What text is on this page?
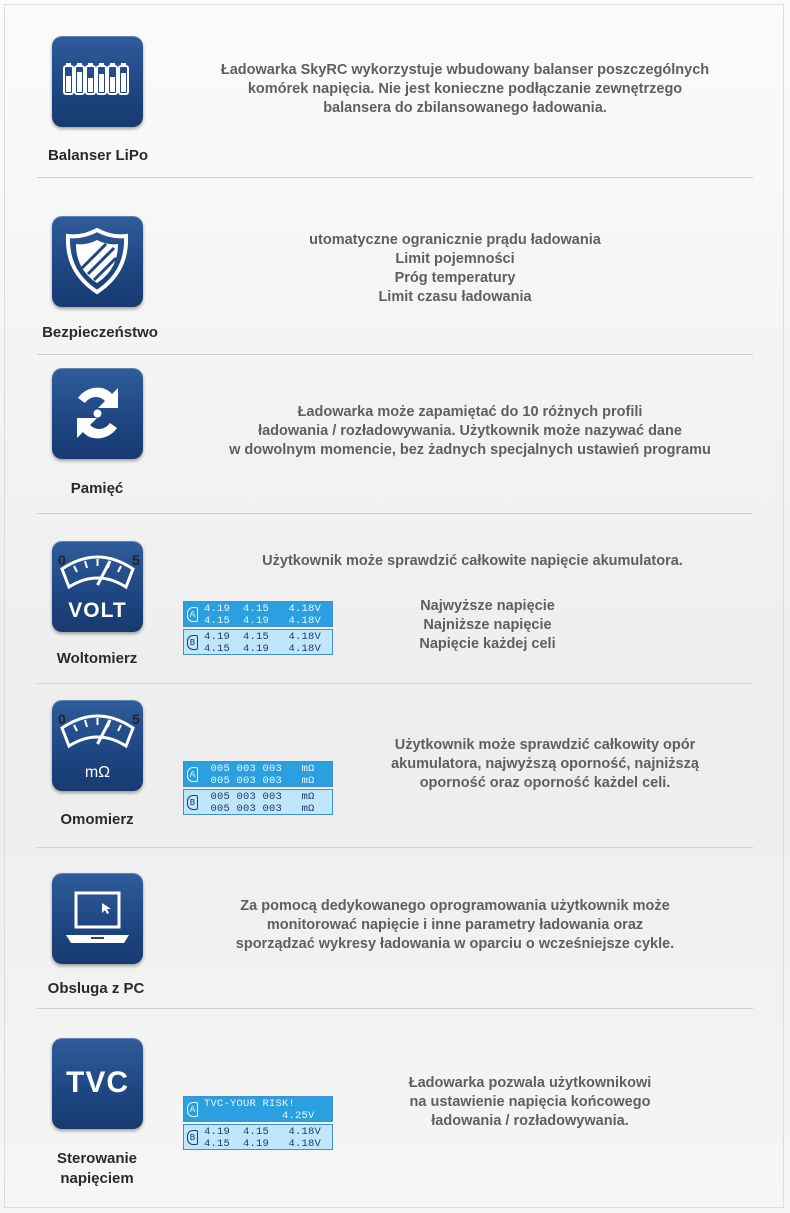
Balanser LiPo
Ładowarka SkyRC wykorzystuje wbudowany balanser poszczególnych
komórek napięcia. Nie jest konieczne podłączanie zewnętrzego
balansera do zbilansowanego ładowania.
Bezpieczeństwo
utomatyczne ogranicznie prądu ładowania
Limit pojemności
Próg temperatury
Limit czasu ładowania
Pamięć
Ładowarka może zapamiętać do 10 różnych profili
ładowania / rozładowywania. Użytkownik może nazywać dane
w dowolnym momencie, bez żadnych specjalnych ustawień programu
VOLT
0	5
Woltomierz
Użytkownik może sprawdzić całkowite napięcie akumulatora.
Najwyższe napięcie
Najniższe napięcie
Napięcie każdej celi
A 4.19  4.15   4.18V
4.15  4.19   4.18V
B 4.19  4.15   4.18V
4.15  4.19   4.18V
mΩ
0	5
Omomierz
Użytkownik może sprawdzić całkowity opór
akumulatora, najwyższą oporność, najniższą
oporność oraz oporność każdel celi.
A 005 003 003   mΩ
005 003 003   mΩ
B 005 003 003   mΩ
005 003 003   mΩ
Obsluga z PC
Za pomocą dedykowanego oprogramowania użytkownik może
monitorować napięcie i inne parametry ładowania oraz
sporządzać wykresy ładowania w oparciu o wcześniejsze cykle.
TVC
Sterowanie napięciem
Ładowarka pozwala użytkownikowi
na ustawienie napięcia końcowego
ładowania / rozładowywania.
A TVC-YOUR RISK!
4.25V
B 4.19  4.15   4.18V
4.15  4.19   4.18V
